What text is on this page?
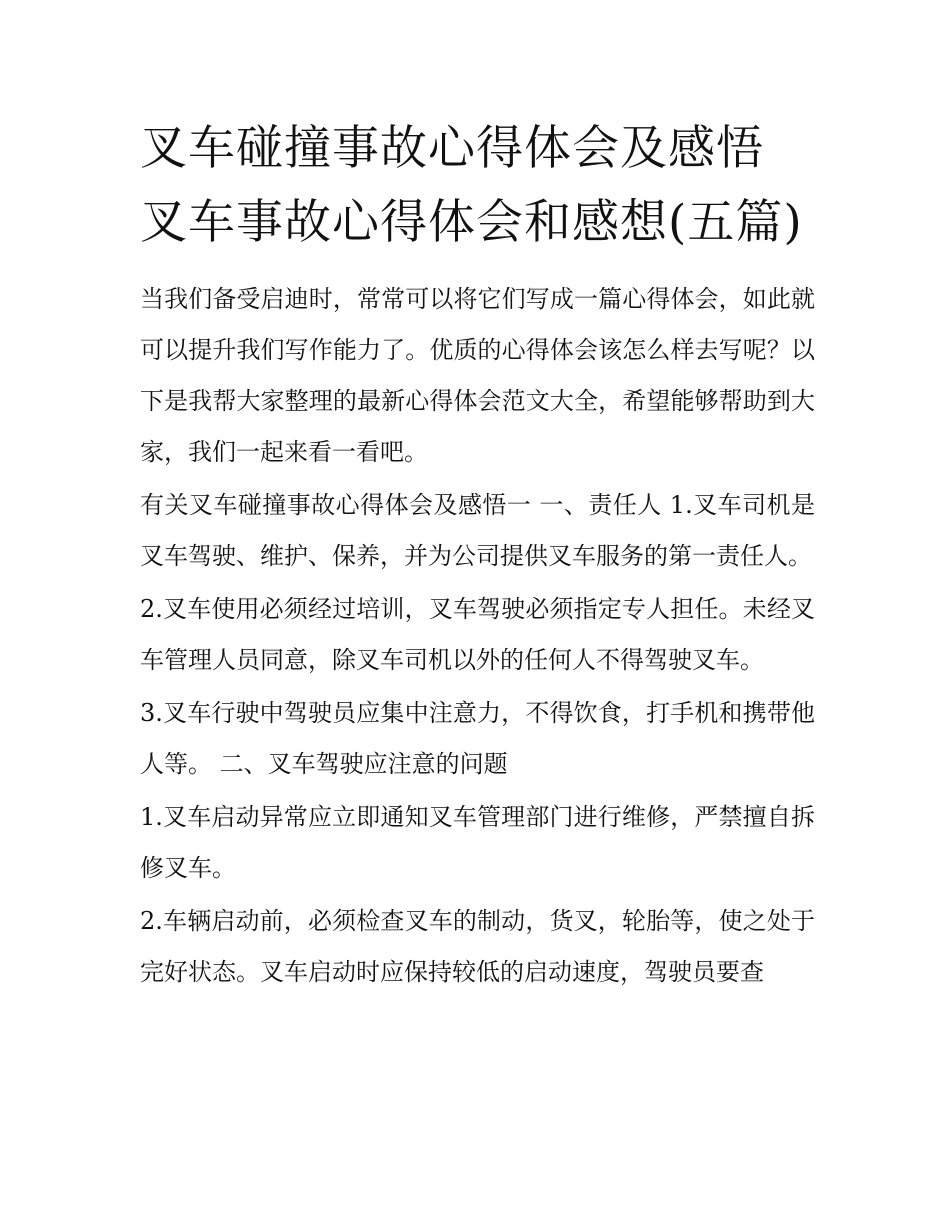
叉车碰撞事故心得体会及感悟 叉车事故心得体会和感想(五篇)

当我们备受启迪时，常常可以将它们写成一篇心得体会，如此就可以提升我们写作能力了。优质的心得体会该怎么样去写呢？以下是我帮大家整理的最新心得体会范文大全，希望能够帮助到大家，我们一起来看一看吧。

有关叉车碰撞事故心得体会及感悟一 一、责任人 1.叉车司机是叉车驾驶、维护、保养，并为公司提供叉车服务的第一责任人。

2.叉车使用必须经过培训，叉车驾驶必须指定专人担任。未经叉车管理人员同意，除叉车司机以外的任何人不得驾驶叉车。

3.叉车行驶中驾驶员应集中注意力，不得饮食，打手机和携带他人等。 二、叉车驾驶应注意的问题

1.叉车启动异常应立即通知叉车管理部门进行维修，严禁擅自拆修叉车。

2.车辆启动前，必须检查叉车的制动，货叉，轮胎等，使之处于完好状态。叉车启动时应保持较低的启动速度，驾驶员要查
